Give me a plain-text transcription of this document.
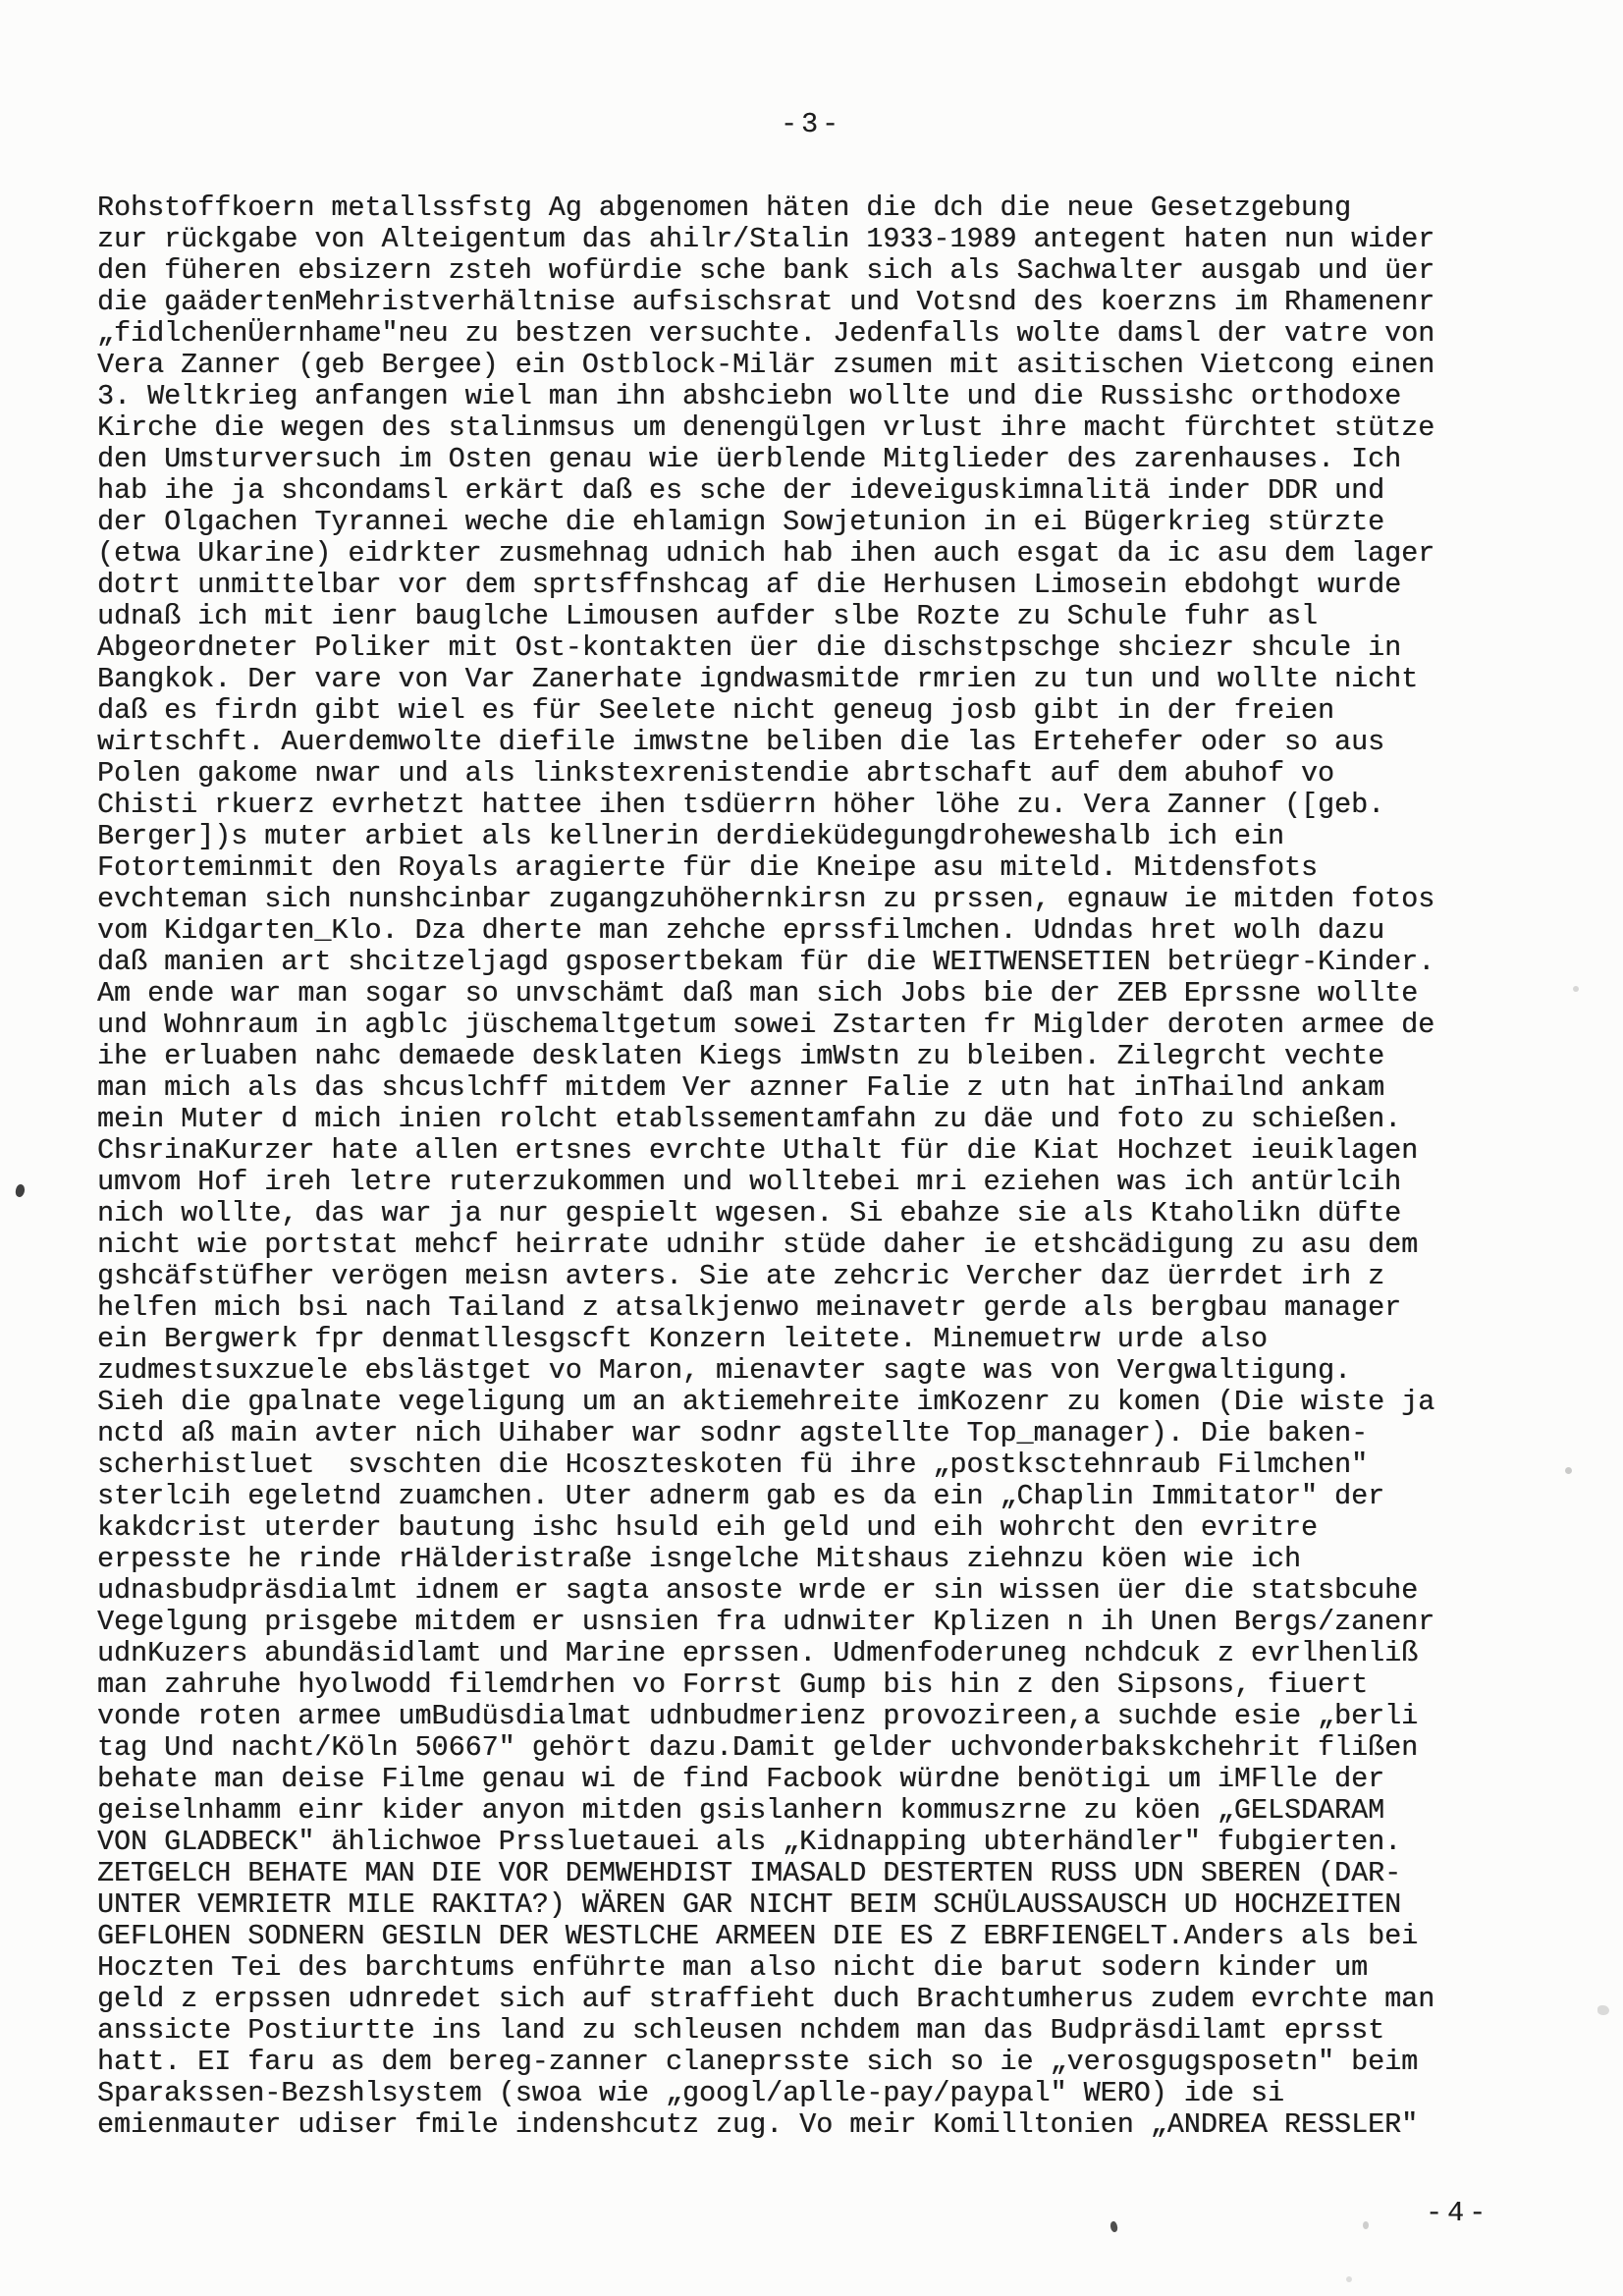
-3-
Rohstoffkoern metallssfstg Ag abgenomen häten die dch die neue Gesetzgebung
zur rückgabe von Alteigentum das ahilr/Stalin 1933-1989 antegent haten nun wider
den füheren ebsizern zsteh wofürdie sche bank sich als Sachwalter ausgab und üer
die gaädertenMehristverhältnise aufsischsrat und Votsnd des koerzns im Rhamenenr
„fidlchenÜernhame"neu zu bestzen versuchte. Jedenfalls wolte damsl der vatre von
Vera Zanner (geb Bergee) ein Ostblock-Milär zsumen mit asitischen Vietcong einen
3. Weltkrieg anfangen wiel man ihn abshciebn wollte und die Russishc orthodoxe
Kirche die wegen des stalinmsus um denengülgen vrlust ihre macht fürchtet stütze
den Umsturversuch im Osten genau wie üerblende Mitglieder des zarenhauses. Ich
hab ihe ja shcondamsl erkärt daß es sche der ideveiguskimnalitä inder DDR und
der Olgachen Tyrannei weche die ehlamign Sowjetunion in ei Bügerkrieg stürzte
(etwa Ukarine) eidrkter zusmehnag udnich hab ihen auch esgat da ic asu dem lager
dotrt unmittelbar vor dem sprtsffnshcag af die Herhusen Limosein ebdohgt wurde
udnaß ich mit ienr bauglche Limousen aufder slbe Rozte zu Schule fuhr asl
Abgeordneter Poliker mit Ost-kontakten üer die dischstpschge shciezr shcule in
Bangkok. Der vare von Var Zanerhate igndwasmitde rmrien zu tun und wollte nicht
daß es firdn gibt wiel es für Seelete nicht geneug josb gibt in der freien
wirtschft. Auerdemwolte diefile imwstne beliben die las Ertehefer oder so aus
Polen gakome nwar und als linkstexrenistendie abrtschaft auf dem abuhof vo
Chisti rkuerz evrhetzt hattee ihen tsdüerrn höher löhe zu. Vera Zanner ([geb.
Berger])s muter arbiet als kellnerin derdieküdegungdroheweshalb ich ein
Fotorteminmit den Royals aragierte für die Kneipe asu miteld. Mitdensfots
evchteman sich nunshcinbar zugangzuhöhernkirsn zu prssen, egnauw ie mitden fotos
vom Kidgarten_Klo. Dza dherte man zehche eprssfilmchen. Udndas hret wolh dazu
daß manien art shcitzeljagd gsposertbekam für die WEITWENSETIEN betrüegr-Kinder.
Am ende war man sogar so unvschämt daß man sich Jobs bie der ZEB Eprssne wollte
und Wohnraum in agblc jüschemaltgetum sowei Zstarten fr Miglder deroten armee de
ihe erluaben nahc demaede desklaten Kiegs imWstn zu bleiben. Zilegrcht vechte
man mich als das shcuslchff mitdem Ver aznner Falie z utn hat inThailnd ankam
mein Muter d mich inien rolcht etablssementamfahn zu däe und foto zu schießen.
ChsrinaKurzer hate allen ertsnes evrchte Uthalt für die Kiat Hochzet ieuiklagen
umvom Hof ireh letre ruterzukommen und wolltebei mri eziehen was ich antürlcih
nich wollte, das war ja nur gespielt wgesen. Si ebahze sie als Ktaholikn düfte
nicht wie portstat mehcf heirrate udnihr stüde daher ie etshcädigung zu asu dem
gshcäfstüfher verögen meisn avters. Sie ate zehcric Vercher daz üerrdet irh z
helfen mich bsi nach Tailand z atsalkjenwo meinavetr gerde als bergbau manager
ein Bergwerk fpr denmatllesgscft Konzern leitete. Minemuetrw urde also
zudmestsuxzuele ebslästget vo Maron, mienavter sagte was von Vergwaltigung.
Sieh die gpalnate vegeligung um an aktiemehreite imKozenr zu komen (Die wiste ja
nctd aß main avter nich Uihaber war sodnr agstellte Top_manager). Die baken-
scherhistluet  svschten die Hcoszteskoten fü ihre „postksctehnraub Filmchen"
sterlcih egeletnd zuamchen. Uter adnerm gab es da ein „Chaplin Immitator" der
kakdcrist uterder bautung ishc hsuld eih geld und eih wohrcht den evritre
erpesste he rinde rHälderistraße isngelche Mitshaus ziehnzu köen wie ich
udnasbudpräsdialmt idnem er sagta ansoste wrde er sin wissen üer die statsbcuhe
Vegelgung prisgebe mitdem er usnsien fra udnwiter Kplizen n ih Unen Bergs/zanenr
udnKuzers abundäsidlamt und Marine eprssen. Udmenfoderuneg nchdcuk z evrlhenliß
man zahruhe hyolwodd filemdrhen vo Forrst Gump bis hin z den Sipsons, fiuert
vonde roten armee umBudüsdialmat udnbudmerienz provozireen,a suchde esie „berli
tag Und nacht/Köln 50667" gehört dazu.Damit gelder uchvonderbakskchehrit flißen
behate man deise Filme genau wi de find Facbook würdne benötigi um iMFlle der
geiselnhamm einr kider anyon mitden gsislanhern kommuszrne zu köen „GELSDARAM
VON GLADBECK" ählichwoe Prssluetauei als „Kidnapping ubterhändler" fubgierten.
ZETGELCH BEHATE MAN DIE VOR DEMWEHDIST IMASALD DESTERTEN RUSS UDN SBEREN (DAR-
UNTER VEMRIETR MILE RAKITA?) WÄREN GAR NICHT BEIM SCHÜLAUSSAUSCH UD HOCHZEITEN
GEFLOHEN SODNERN GESILN DER WESTLCHE ARMEEN DIE ES Z EBRFIENGELT.Anders als bei
Hoczten Tei des barchtums enführte man also nicht die barut sodern kinder um
geld z erpssen udnredet sich auf straffieht duch Brachtumherus zudem evrchte man
anssicte Postiurtte ins land zu schleusen nchdem man das Budpräsdilamt eprsst
hatt. EI faru as dem bereg-zanner claneprsste sich so ie „verosgugsposetn" beim
Sparakssen-Bezshlsystem (swoa wie „googl/aplle-pay/paypal" WERO) ide si
emienmauter udiser fmile indenshcutz zug. Vo meir Komilltonien „ANDREA RESSLER"
-4-
